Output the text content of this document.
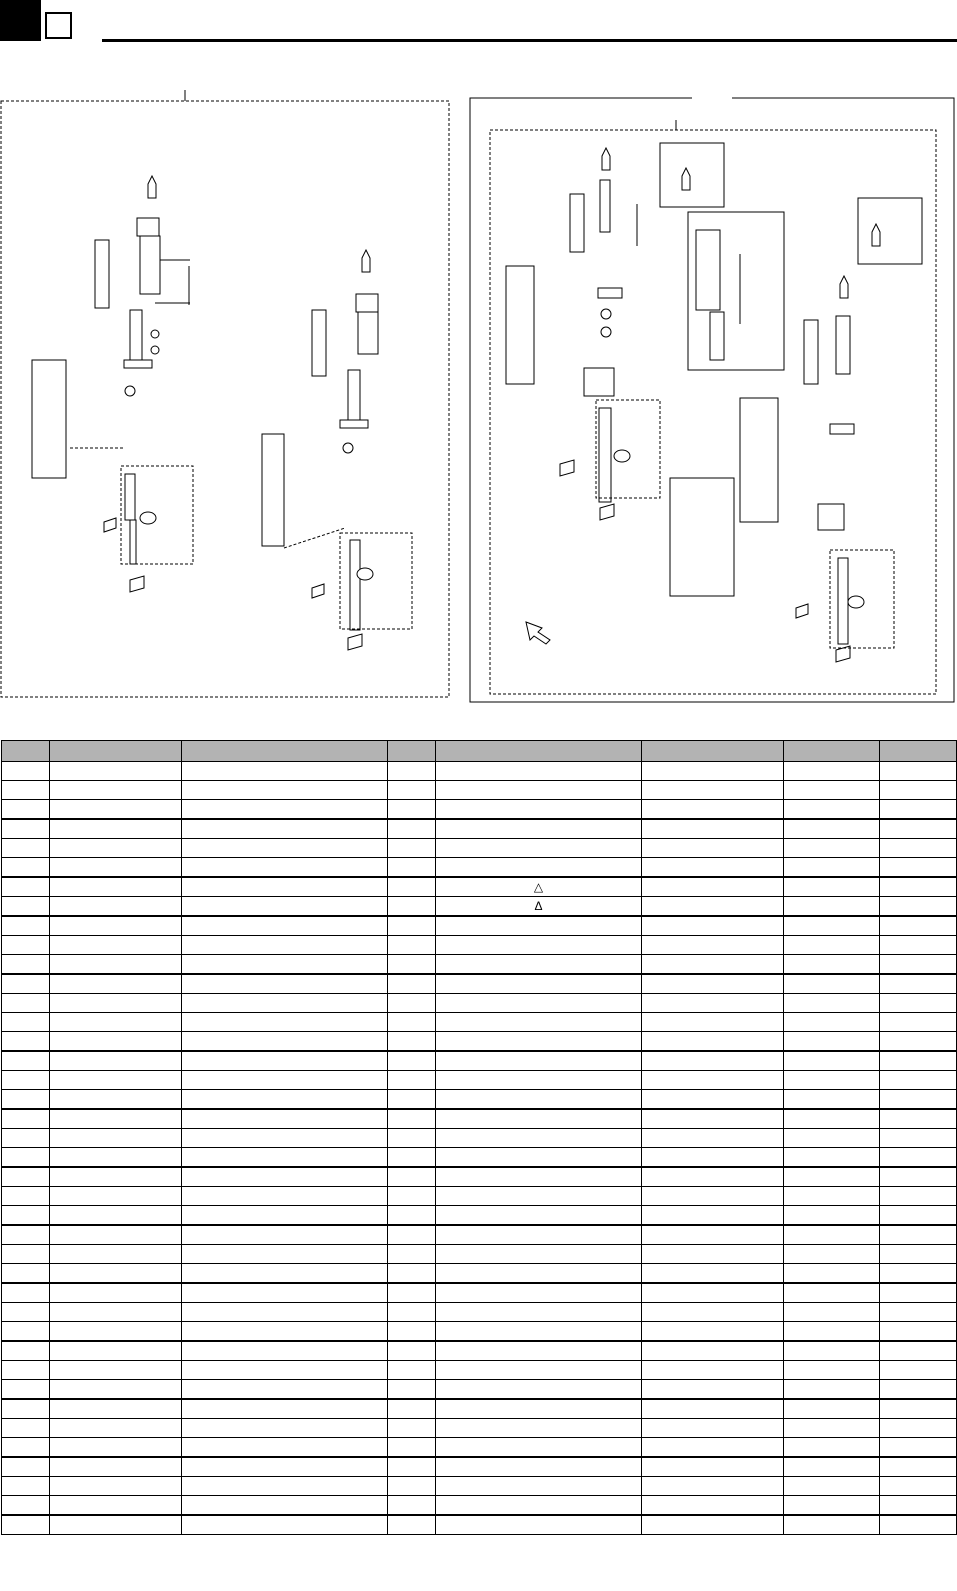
				△			
				Δ			
